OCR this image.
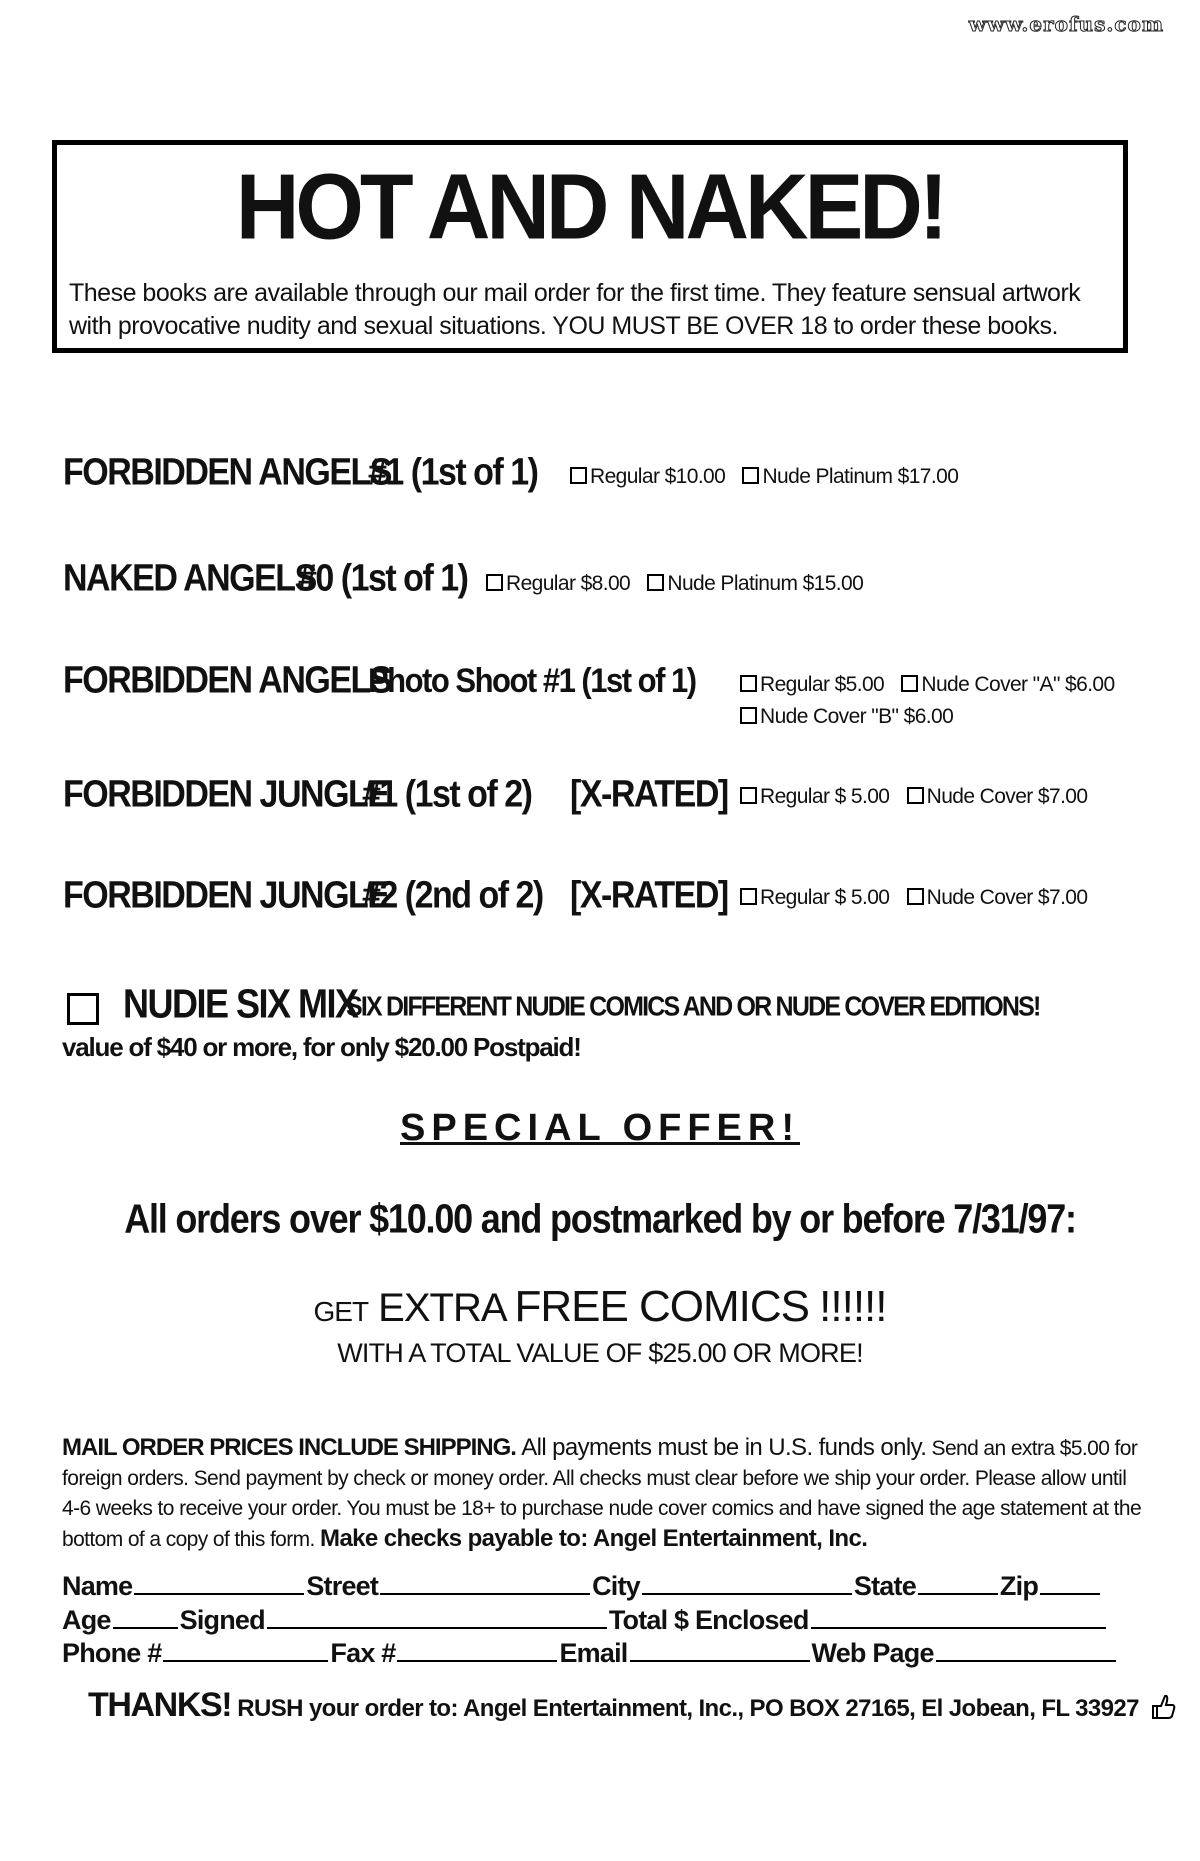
www.erofus.com
HOT AND NAKED!
These books are available through our mail order for the first time. They feature sensual artwork with provocative nudity and sexual situations. YOU MUST BE OVER 18 to order these books.
FORBIDDEN ANGELS
#1 (1st of 1)	Regular $10.00 Nude Platinum $17.00
NAKED ANGELS
#0 (1st of 1)	Regular $8.00 Nude Platinum $15.00
FORBIDDEN ANGELS
Photo Shoot #1 (1st of 1)	Regular $5.00 Nude Cover "A" $6.00
Nude Cover "B" $6.00
FORBIDDEN JUNGLE
#1 (1st of 2) [X-RATED]	Regular $ 5.00 Nude Cover $7.00
FORBIDDEN JUNGLE
#2 (2nd of 2) [X-RATED]	Regular $ 5.00 Nude Cover $7.00
NUDIE SIX MIX
SIX DIFFERENT NUDIE COMICS AND OR NUDE COVER EDITIONS!
value of $40 or more, for only $20.00 Postpaid!
SPECIAL OFFER!
All orders over $10.00 and postmarked by or before 7/31/97:
GET EXTRA FREE COMICS !!!!!!
WITH A TOTAL VALUE OF $25.00 OR MORE!
MAIL ORDER PRICES INCLUDE SHIPPING. All payments must be in U.S. funds only. Send an extra $5.00 for foreign orders. Send payment by check or money order. All checks must clear before we ship your order. Please allow until 4-6 weeks to receive your order. You must be 18+ to purchase nude cover comics and have signed the age statement at the bottom of a copy of this form. Make checks payable to: Angel Entertainment, Inc.
Name	Street	City	State	Zip
Age	Signed	Total $ Enclosed
Phone #	Fax #	Email	Web Page
THANKS! RUSH your order to: Angel Entertainment, Inc., PO BOX 27165, El Jobean, FL 33927
